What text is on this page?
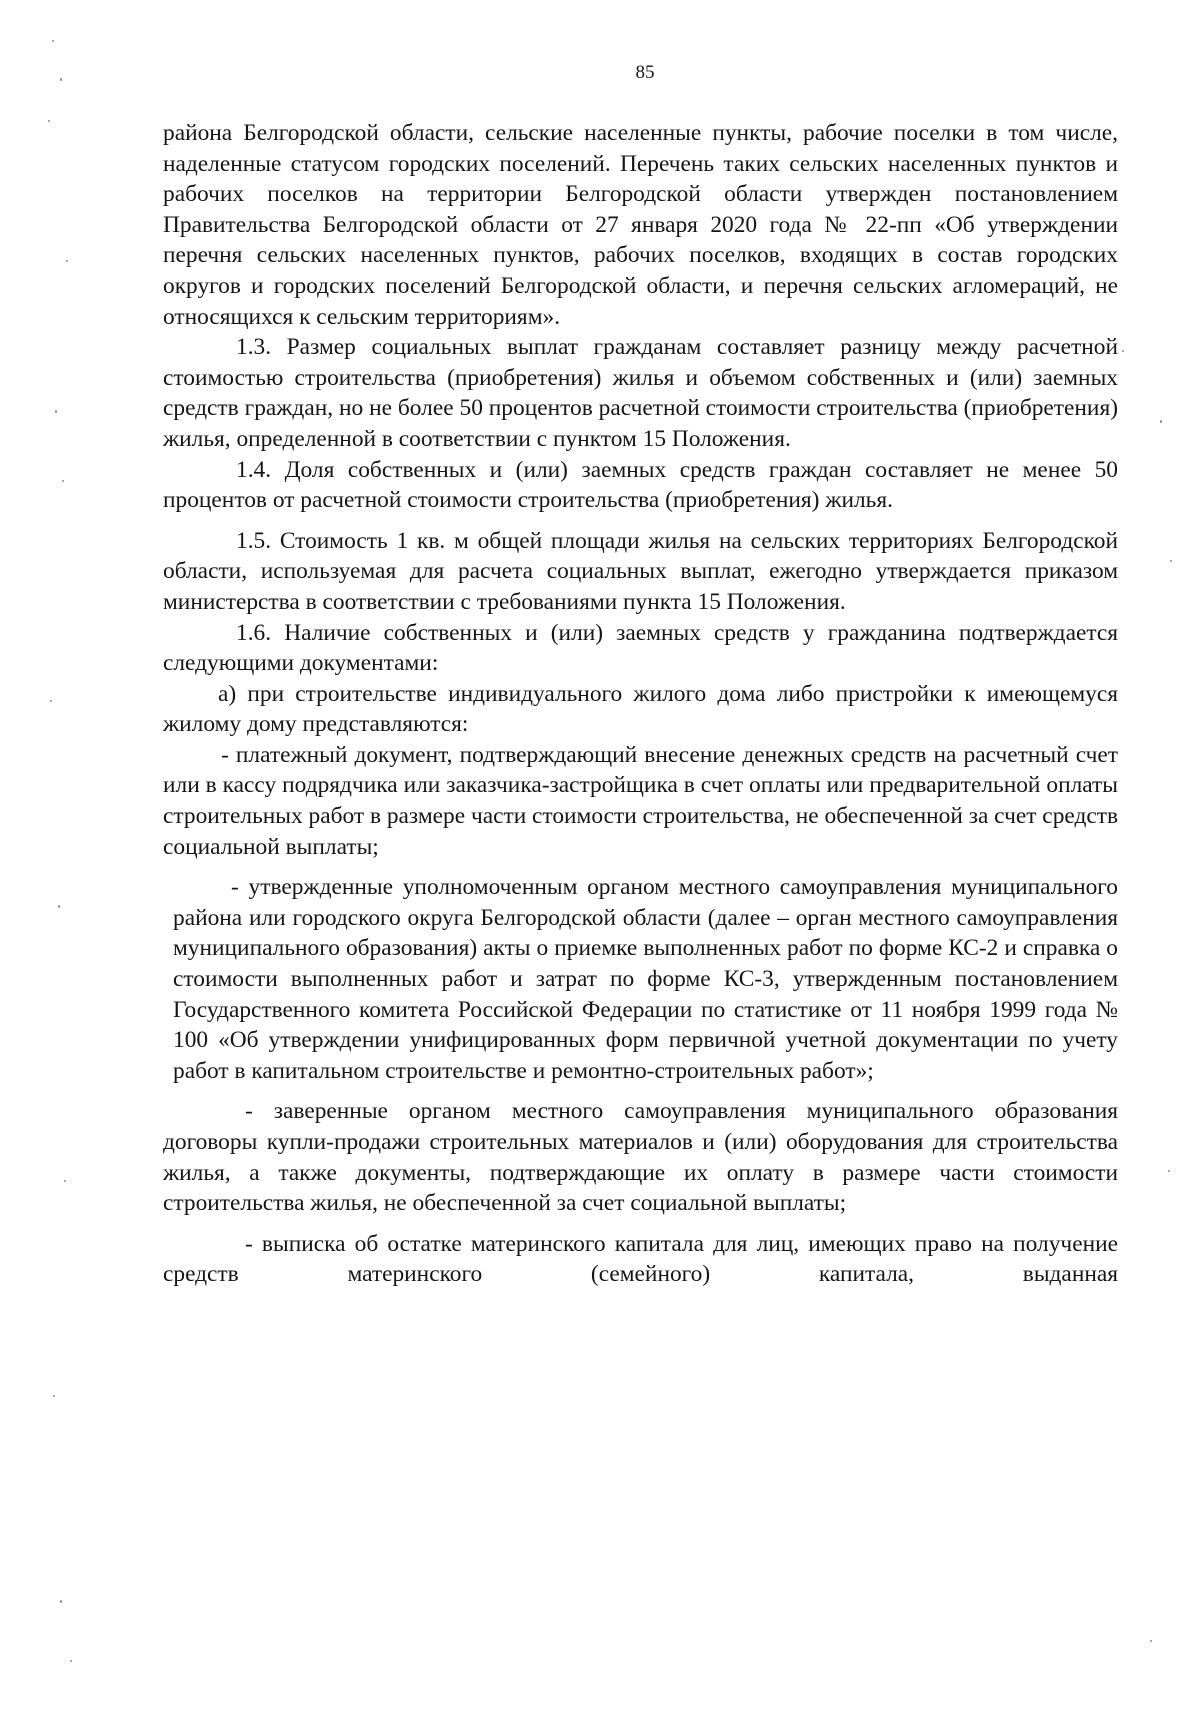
85

района Белгородской области, сельские населенные пункты, рабочие поселки в том числе, наделенные статусом городских поселений. Перечень таких сельских населенных пунктов и рабочих поселков на территории Белгородской области утвержден постановлением Правительства Белгородской области от 27 января 2020 года № 22-пп «Об утверждении перечня сельских населенных пунктов, рабочих поселков, входящих в состав городских округов и городских поселений Белгородской области, и перечня сельских агломераций, не относящихся к сельским территориям».

1.3. Размер социальных выплат гражданам составляет разницу между расчетной стоимостью строительства (приобретения) жилья и объемом собственных и (или) заемных средств граждан, но не более 50 процентов расчетной стоимости строительства (приобретения) жилья, определенной в соответствии с пунктом 15 Положения.

1.4. Доля собственных и (или) заемных средств граждан составляет не менее 50 процентов от расчетной стоимости строительства (приобретения) жилья.

1.5. Стоимость 1 кв. м общей площади жилья на сельских территориях Белгородской области, используемая для расчета социальных выплат, ежегодно утверждается приказом министерства в соответствии с требованиями пункта 15 Положения.

1.6. Наличие собственных и (или) заемных средств у гражданина подтверждается следующими документами:

а) при строительстве индивидуального жилого дома либо пристройки к имеющемуся жилому дому представляются:

- платежный документ, подтверждающий внесение денежных средств на расчетный счет или в кассу подрядчика или заказчика-застройщика в счет оплаты или предварительной оплаты строительных работ в размере части стоимости строительства, не обеспеченной за счет средств социальной выплаты;

- утвержденные уполномоченным органом местного самоуправления муниципального района или городского округа Белгородской области (далее – орган местного самоуправления муниципального образования) акты о приемке выполненных работ по форме КС-2 и справка о стоимости выполненных работ и затрат по форме КС-3, утвержденным постановлением Государственного комитета Российской Федерации по статистике от 11 ноября 1999 года № 100 «Об утверждении унифицированных форм первичной учетной документации по учету работ в капитальном строительстве и ремонтно-строительных работ»;

- заверенные органом местного самоуправления муниципального образования договоры купли-продажи строительных материалов и (или) оборудования для строительства жилья, а также документы, подтверждающие их оплату в размере части стоимости строительства жилья, не обеспеченной за счет социальной выплаты;

- выписка об остатке материнского капитала для лиц, имеющих право на получение средств материнского (семейного) капитала, выданная
